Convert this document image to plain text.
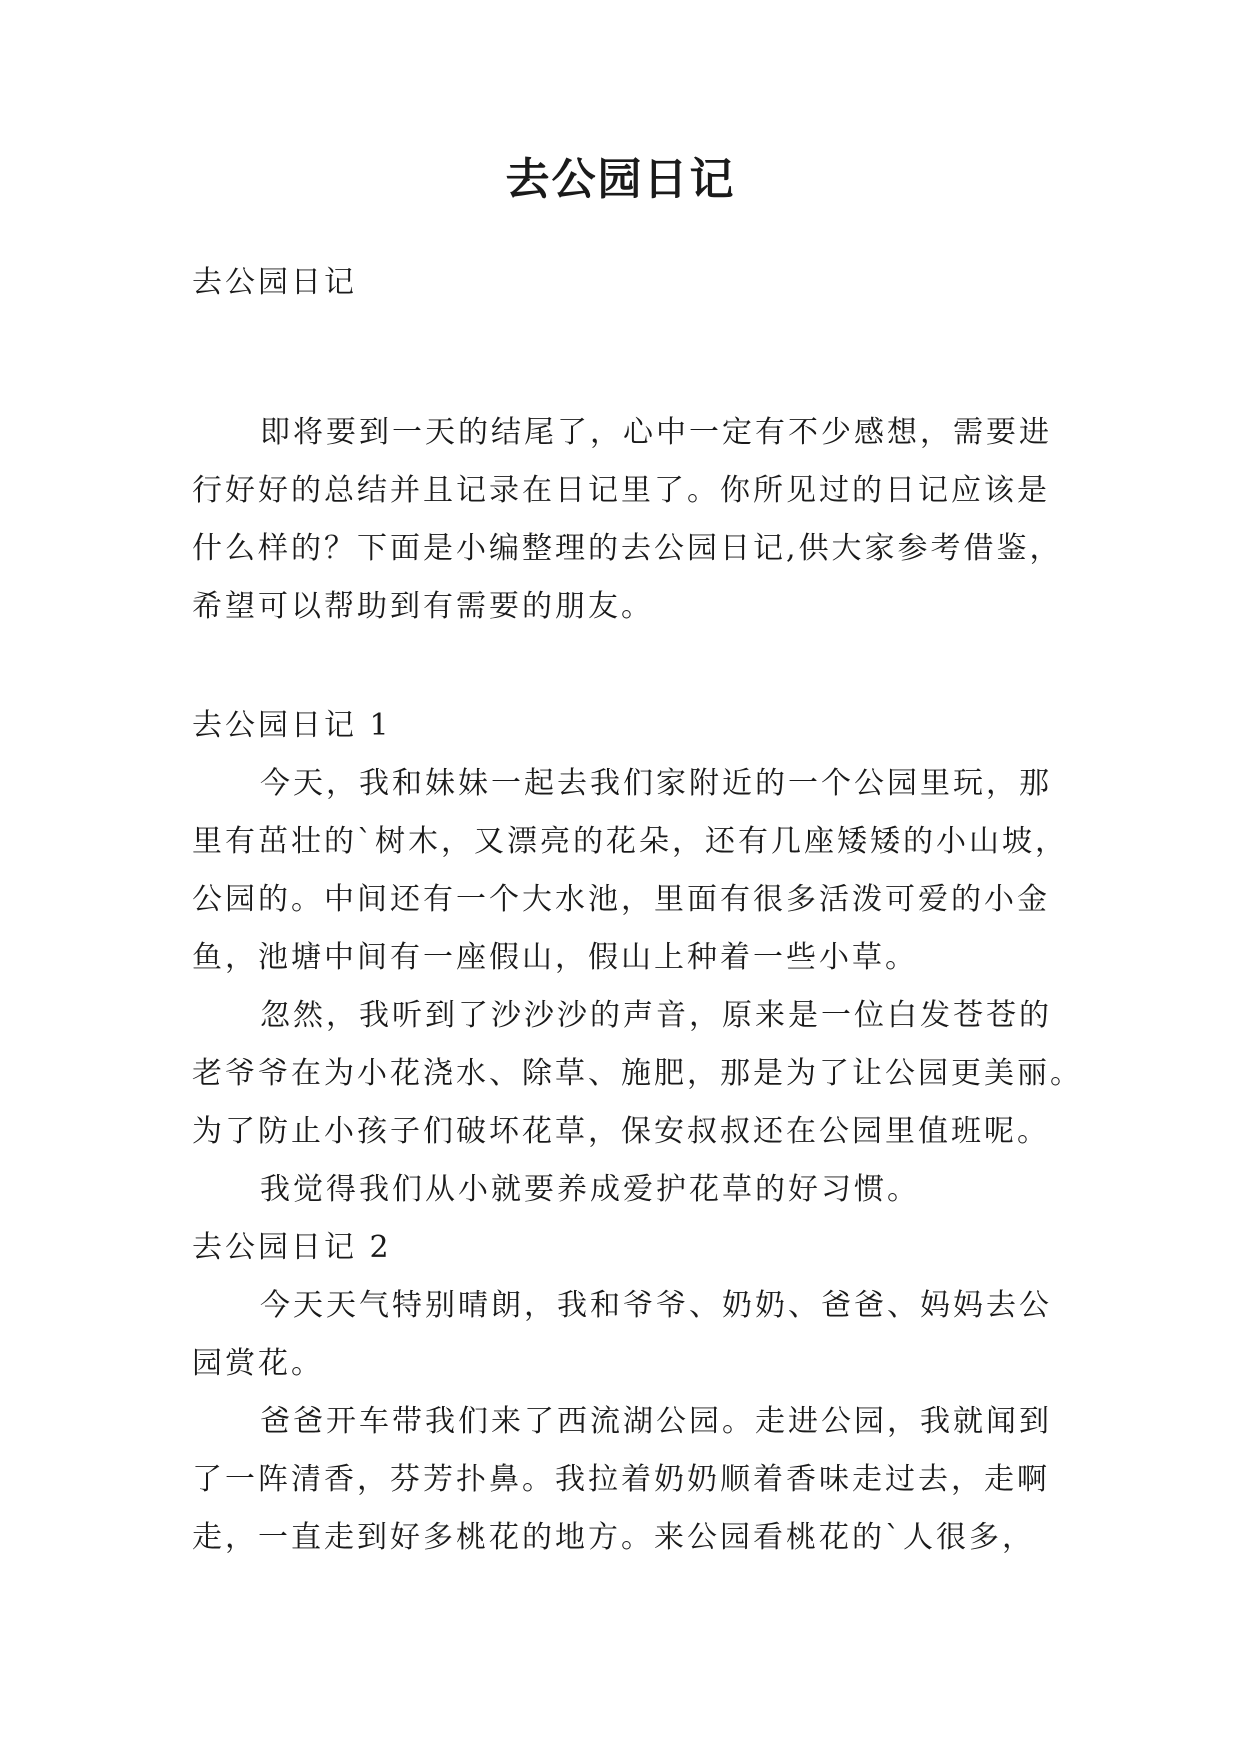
去公园日记

去公园日记

即将要到一天的结尾了，心中一定有不少感想，需要进
行好好的总结并且记录在日记里了。你所见过的日记应该是
什么样的？下面是小编整理的去公园日记,供大家参考借鉴，
希望可以帮助到有需要的朋友。

去公园日记 1

今天，我和妹妹一起去我们家附近的一个公园里玩，那
里有茁壮的`树木，又漂亮的花朵，还有几座矮矮的小山坡，
公园的。中间还有一个大水池，里面有很多活泼可爱的小金
鱼，池塘中间有一座假山，假山上种着一些小草。
忽然，我听到了沙沙沙的声音，原来是一位白发苍苍的
老爷爷在为小花浇水、除草、施肥，那是为了让公园更美丽。
为了防止小孩子们破坏花草，保安叔叔还在公园里值班呢。
我觉得我们从小就要养成爱护花草的好习惯。

去公园日记 2

今天天气特别晴朗，我和爷爷、奶奶、爸爸、妈妈去公
园赏花。
爸爸开车带我们来了西流湖公园。走进公园，我就闻到
了一阵清香，芬芳扑鼻。我拉着奶奶顺着香味走过去，走啊
走，一直走到好多桃花的地方。来公园看桃花的`人很多，
